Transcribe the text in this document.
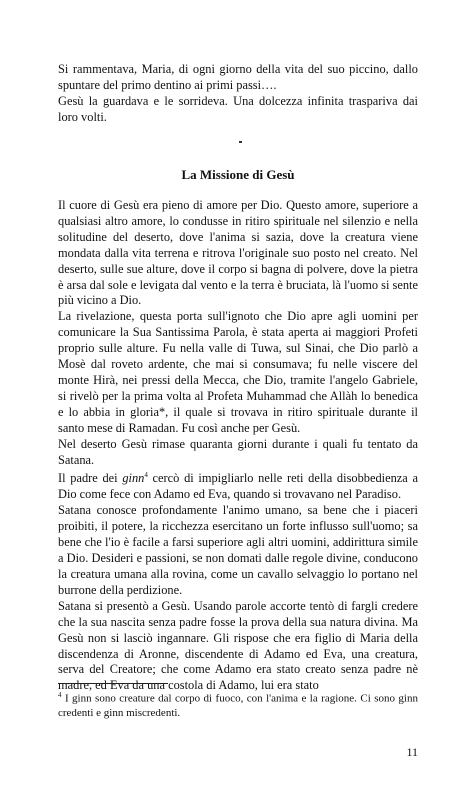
Si rammentava, Maria, di ogni giorno della vita del suo piccino, dallo spuntare del primo dentino ai primi passi….

Gesù la guardava e le sorrideva. Una dolcezza infinita traspariva dai loro volti.

La Missione di Gesù

Il cuore di Gesù era pieno di amore per Dio. Questo amore, superiore a qualsiasi altro amore, lo condusse in ritiro spirituale nel silenzio e nella solitudine del deserto, dove l'anima si sazia, dove la creatura viene mondata dalla vita terrena e ritrova l'originale suo posto nel creato. Nel deserto, sulle sue alture, dove il corpo si bagna di polvere, dove la pietra è arsa dal sole e levigata dal vento e la terra è bruciata, là l'uomo si sente più vicino a Dio.

La rivelazione, questa porta sull'ignoto che Dio apre agli uomini per comunicare la Sua Santissima Parola, è stata aperta ai maggiori Profeti proprio sulle alture. Fu nella valle di Tuwa, sul Sinai, che Dio parlò a Mosè dal roveto ardente, che mai si consumava; fu nelle viscere del monte Hirà, nei pressi della Mecca, che Dio, tramite l'angelo Gabriele, si rivelò per la prima volta al Profeta Muhammad che Allàh lo benedica e lo abbia in gloria*, il quale si trovava in ritiro spirituale durante il santo mese di Ramadan. Fu così anche per Gesù.

Nel deserto Gesù rimase quaranta giorni durante i quali fu tentato da Satana.

Il padre dei ginn$^4$ cercò di impigliarlo nelle reti della disobbedienza a Dio come fece con Adamo ed Eva, quando si trovavano nel Paradiso.

Satana conosce profondamente l'animo umano, sa bene che i piaceri proibiti, il potere, la ricchezza esercitano un forte influsso sull'uomo; sa bene che l'io è facile a farsi superiore agli altri uomini, addirittura simile a Dio. Desideri e passioni, se non domati dalle regole divine, conducono la creatura umana alla rovina, come un cavallo selvaggio lo portano nel burrone della perdizione.

Satana si presentò a Gesù. Usando parole accorte tentò di fargli credere che la sua nascita senza padre fosse la prova della sua natura divina. Ma Gesù non si lasciò ingannare. Gli rispose che era figlio di Maria della discendenza di Aronne, discendente di Adamo ed Eva, una creatura, serva del Creatore; che come Adamo era stato creato senza padre nè madre, ed Eva da una costola di Adamo, lui era stato

$^4$ I ginn sono creature dal corpo di fuoco, con l'anima e la ragione. Ci sono ginn credenti e ginn miscredenti.
11
